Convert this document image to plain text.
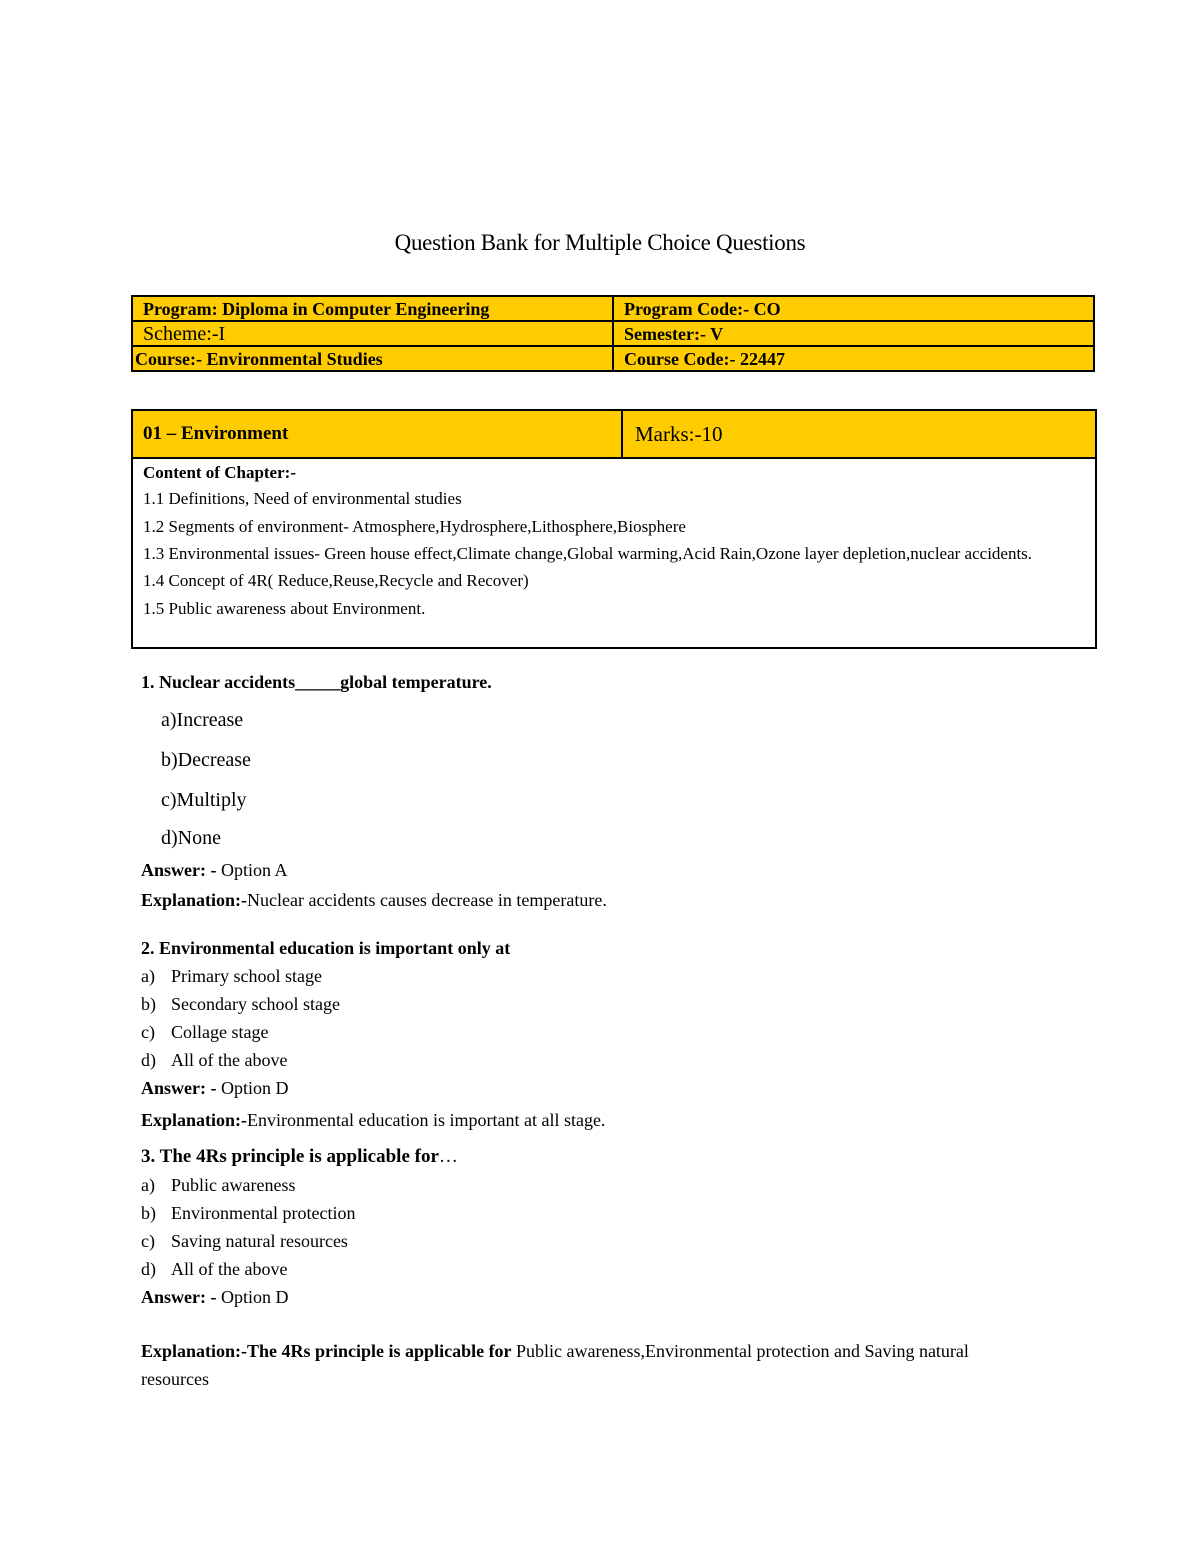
Question Bank for Multiple Choice Questions
Program: Diploma in Computer Engineering	Program Code:- CO
Scheme:-I	Semester:- V
Course:- Environmental Studies	Course Code:- 22447
01 – Environment	Marks:-10
Content of Chapter:-
1.1 Definitions, Need of environmental studies
1.2 Segments of environment- Atmosphere,Hydrosphere,Lithosphere,Biosphere
1.3 Environmental issues- Green house effect,Climate change,Global warming,Acid Rain,Ozone layer depletion,nuclear accidents.
1.4 Concept of 4R( Reduce,Reuse,Recycle and Recover)
1.5 Public awareness about Environment.
1. Nuclear accidents_____global temperature.
a)Increase
b)Decrease
c)Multiply
d)None
Answer: - Option A
Explanation:-Nuclear accidents causes decrease in temperature.
2. Environmental education is important only at
a) Primary school stage
b) Secondary school stage
c) Collage stage
d) All of the above
Answer: - Option D
Explanation:-Environmental education is important at all stage.
3. The 4Rs principle is applicable for…
a) Public awareness
b) Environmental protection
c) Saving natural resources
d) All of the above
Answer: - Option D
Explanation:-The 4Rs principle is applicable for Public awareness,Environmental protection and Saving natural resources
